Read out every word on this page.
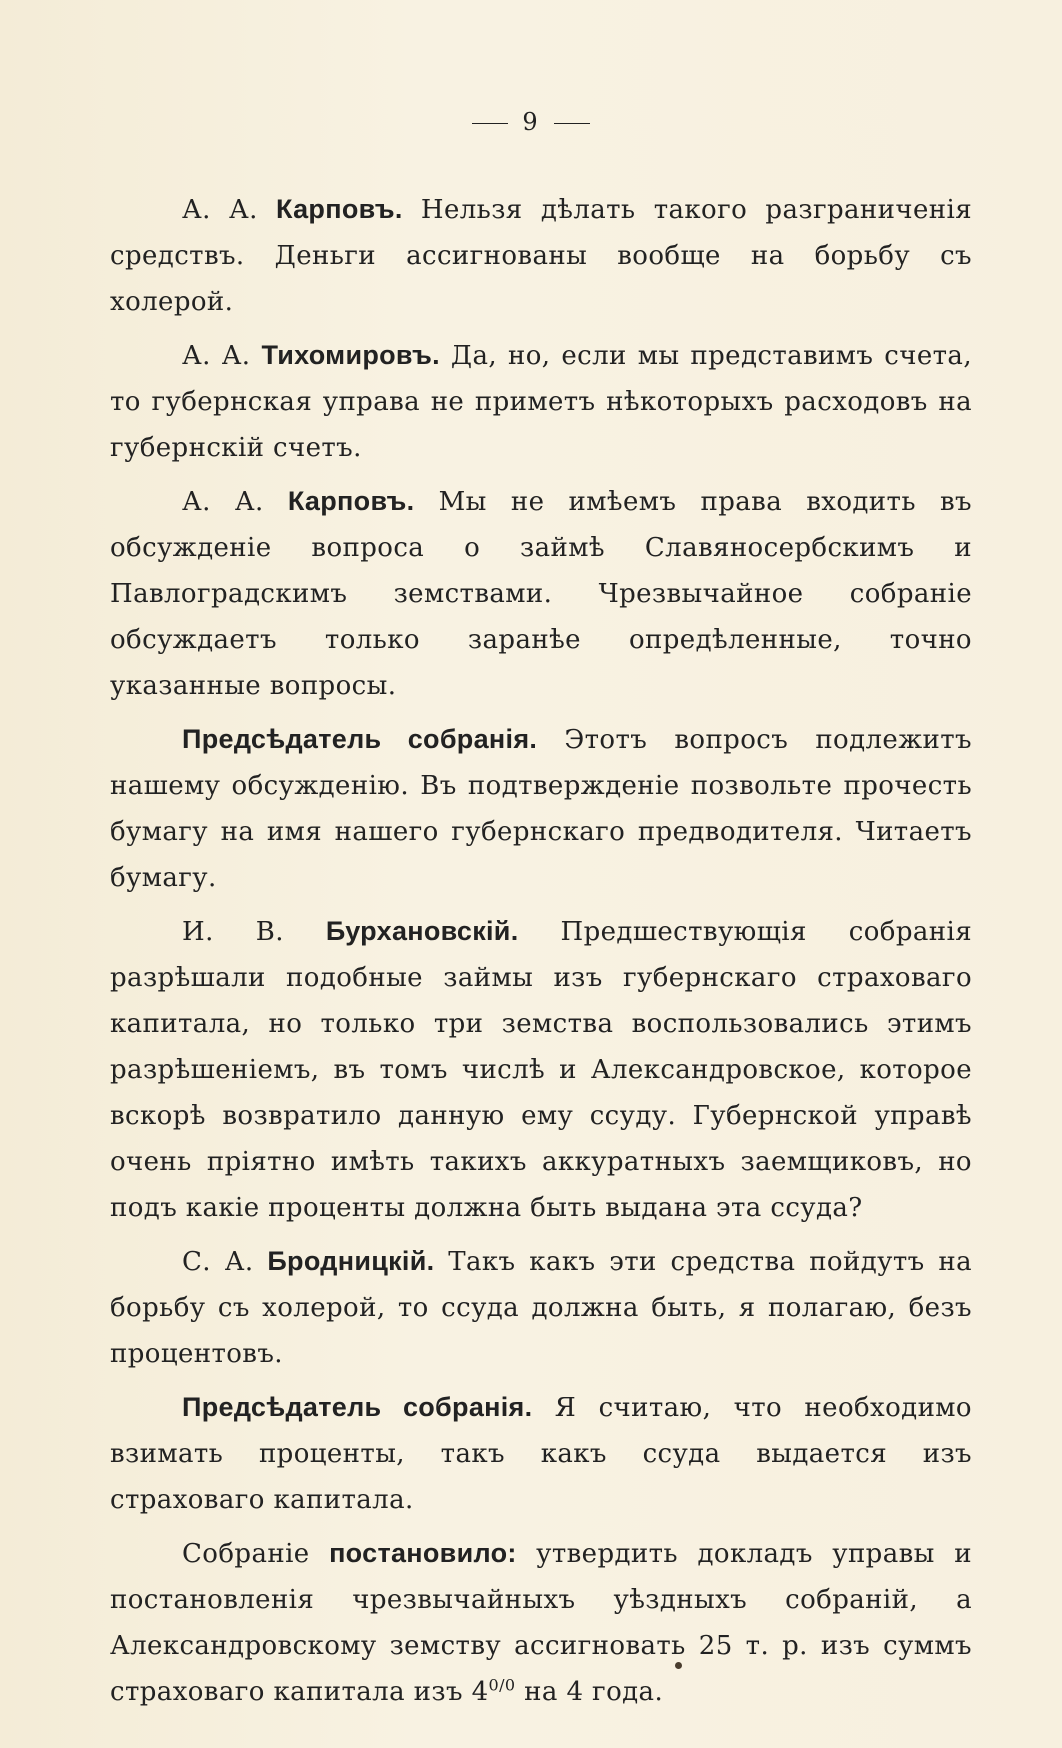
9

А. А. Карповъ. Нельзя дѣлать такого разграниченія средствъ. Деньги ассигнованы вообще на борьбу съ холерой.

А. А. Тихомировъ. Да, но, если мы представимъ счета, то губернская управа не приметъ нѣкоторыхъ расходовъ на губернскій счетъ.

А. А. Карповъ. Мы не имѣемъ права входить въ обсужденіе вопроса о займѣ Славяносербскимъ и Павлоградскимъ земствами. Чрезвычайное собраніе обсуждаетъ только заранѣе опредѣленные, точно указанные вопросы.

Предсѣдатель собранія. Этотъ вопросъ подлежитъ нашему обсужденію. Въ подтвержденіе позвольте прочесть бумагу на имя нашего губернскаго предводителя. Читаетъ бумагу.

И. В. Бурхановскій. Предшествующія собранія разрѣшали подобные займы изъ губернскаго страховаго капитала, но только три земства воспользовались этимъ разрѣшеніемъ, въ томъ числѣ и Александровское, которое вскорѣ возвратило данную ему ссуду. Губернской управѣ очень пріятно имѣть такихъ аккуратныхъ заемщиковъ, но подъ какіе проценты должна быть выдана эта ссуда?

С. А. Бродницкій. Такъ какъ эти средства пойдутъ на борьбу съ холерой, то ссуда должна быть, я полагаю, безъ процентовъ.

Предсѣдатель собранія. Я считаю, что необходимо взимать проценты, такъ какъ ссуда выдается изъ страховаго капитала.

Собраніе постановило: утвердить докладъ управы и постановленія чрезвычайныхъ уѣздныхъ собраній, а Александровскому земству ассигновать 25 т. р. изъ суммъ страховаго капитала изъ $4^{0/0}$ на 4 года.
